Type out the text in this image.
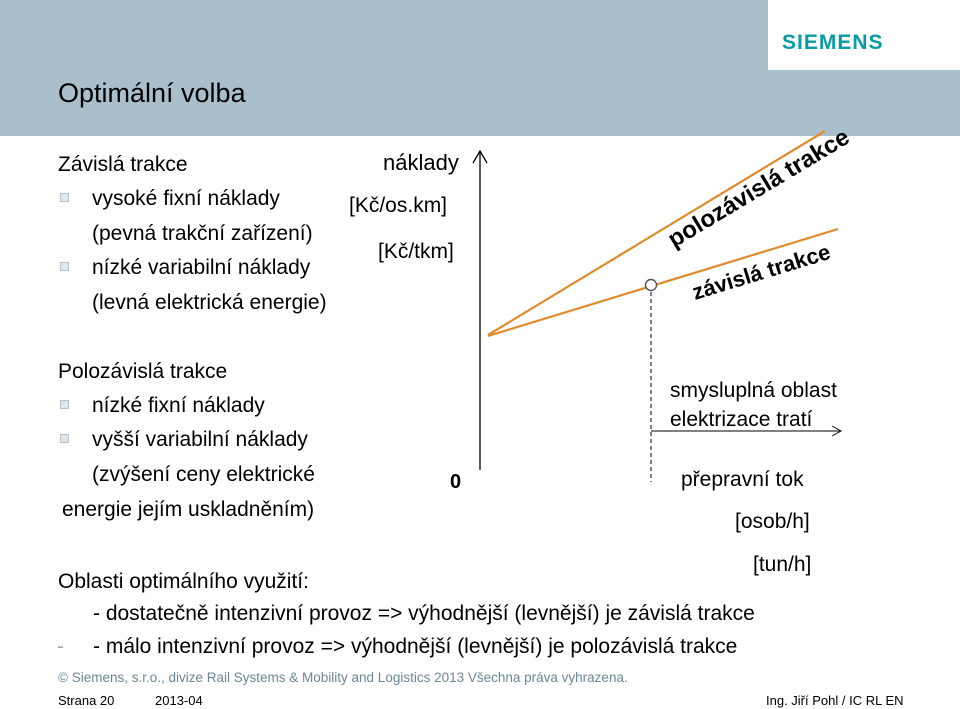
SIEMENS
Optimální volba
Závislá trakce
vysoké fixní náklady
(pevná trakční zařízení)
nízké variabilní náklady
(levná elektrická energie)
Polozávislá trakce
nízké fixní náklady
vyšší variabilní náklady
(zvýšení ceny elektrické
energie jejím uskladněním)
polozávislá trakce
závislá trakce
náklady
[Kč/os.km]
[Kč/tkm]
0
smysluplná oblast
elektrizace tratí
přepravní tok
[osob/h]
[tun/h]
Oblasti optimálního využití:
- dostatečně intenzivní provoz => výhodnější (levnější) je závislá trakce
- - málo intenzivní provoz => výhodnější (levnější) je polozávislá trakce
© Siemens, s.r.o., divize Rail Systems & Mobility and Logistics 2013 Všechna práva vyhrazena.
Strana 20	2013-04	Ing. Jiří Pohl / IC RL EN
